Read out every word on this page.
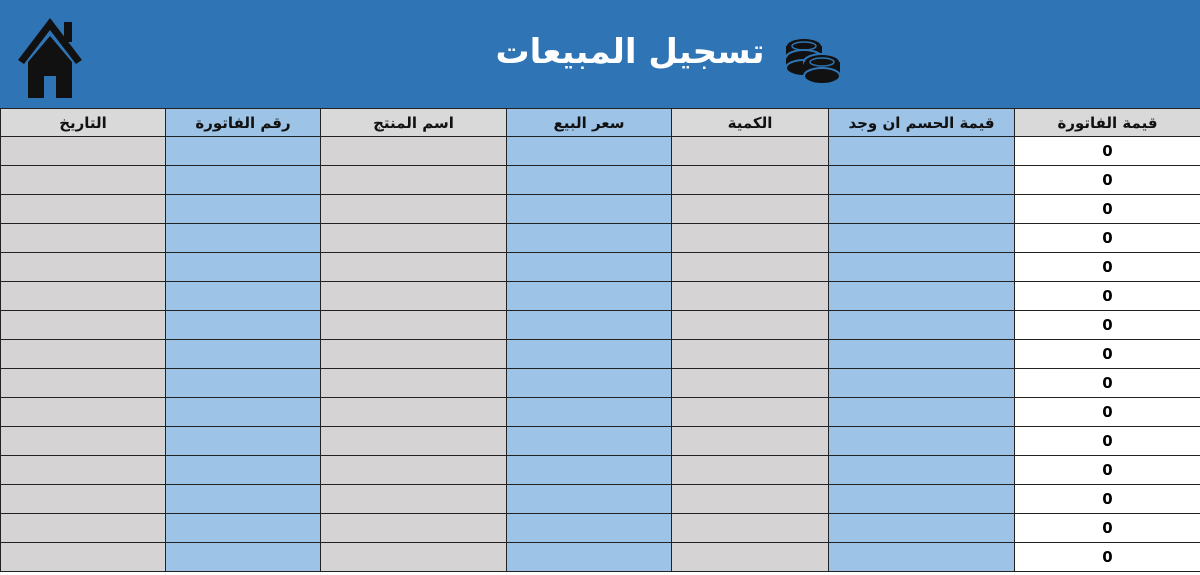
تسجيل المبيعات
التاريخ	رقم الفاتورة	اسم المنتج	سعر البيع	الكمية	قيمة الحسم ان وجد	قيمة الفاتورة
						0
						0
						0
						0
						0
						0
						0
						0
						0
						0
						0
						0
						0
						0
						0
